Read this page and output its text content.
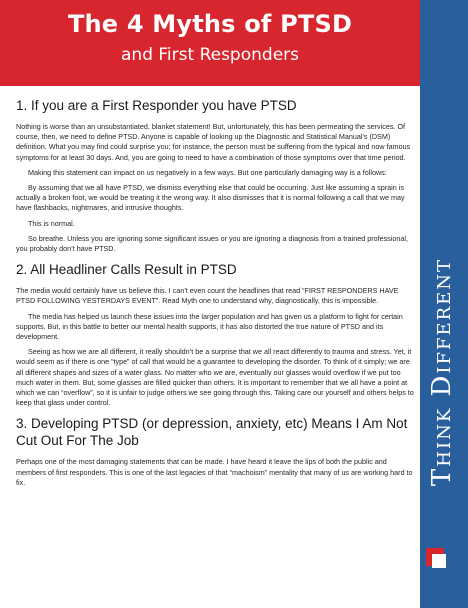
The 4 Myths of PTSD
and First Responders
Think Different
1. If you are a First Responder you have PTSD

Nothing is worse than an unsubstantiated, blanket statement! But, unfortunately, this has been permeating the services. Of course, then, we need to define PTSD. Anyone is capable of looking up the Diagnostic and Statistical Manual’s (DSM) definition. What you may find could surprise you; for instance, the person must be suffering from the typical and now famous symptoms for at least 30 days. And, you are going to need to have a combination of those symptoms over that time period.

Making this statement can impact on us negatively in a few ways. But one particularly damaging way is a follows:

By assuming that we all have PTSD, we dismiss everything else that could be occurring. Just like assuming a sprain is actually a broken foot, we would be treating it the wrong way. It also dismisses that it is normal following a call that we may have flashbacks, nightmares, and intrusive thoughts.

This is normal.

So breathe. Unless you are ignoring some significant issues or you are ignoring a diagnosis from a trained professional, you probably don’t have PTSD.

2. All Headliner Calls Result in PTSD

The media would certainly have us believe this. I can’t even count the headlines that read “FIRST RESPONDERS HAVE PTSD FOLLOWING YESTERDAYS EVENT”. Read Myth one to understand why, diagnostically, this is impossible.

The media has helped us launch these issues into the larger population and has given us a platform to fight for certain supports. But, in this battle to better our mental health supports, it has also distorted the true nature of PTSD and its development.

Seeing as how we are all different, it really shouldn’t be a surprise that we all react differently to trauma and stress. Yet, it would seem as if there is one “type” of call that would be a guarantee to developing the disorder. To think of it simply; we are all different shapes and sizes of a water glass. No matter who we are, eventually our glasses would overflow if we put too much water in them. But, some glasses are filled quicker than others. It is important to remember that we all have a point at which we can “overflow”, so it is unfair to judge others we see going through this. Taking care our yourself and others helps to keep that glass under control.

3. Developing PTSD (or depression, anxiety, etc) Means I Am Not Cut Out For The Job

Perhaps one of the most damaging statements that can be made. I have heard it leave the lips of both the public and members of first responders. This is one of the last legacies of that “machoism” mentality that many of us are working hard to fix.
